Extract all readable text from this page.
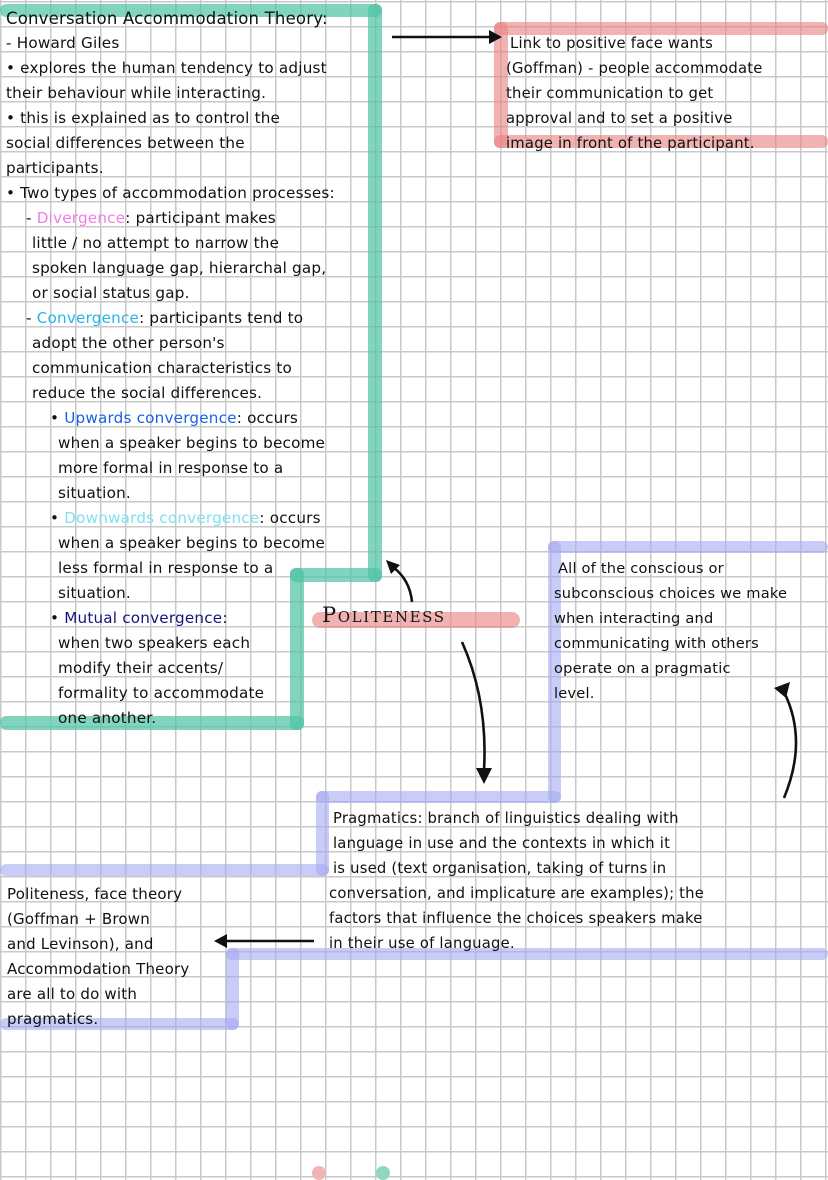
Conversation Accommodation Theory:
- Howard Giles
• explores the human tendency to adjust
their behaviour while interacting.
• this is explained as to control the
social differences between the
participants.
• Two types of accommodation processes:
- Divergence: participant makes
little / no attempt to narrow the
spoken language gap, hierarchal gap,
or social status gap.
- Convergence: participants tend to
adopt the other person's
communication characteristics to
reduce the social differences.
• Upwards convergence: occurs
when a speaker begins to become
more formal in response to a
situation.
• Downwards convergence: occurs
when a speaker begins to become
less formal in response to a
situation.
• Mutual convergence:
when two speakers each
modify their accents/
formality to accommodate
one another.
Link to positive face wants
(Goffman) - people accommodate
their communication to get
approval and to set a positive
image in front of the participant.
Politeness
All of the conscious or
subconscious choices we make
when interacting and
communicating with others
operate on a pragmatic
level.
Pragmatics: branch of linguistics dealing with
language in use and the contexts in which it
is used (text organisation, taking of turns in
conversation, and implicature are examples); the
factors that influence the choices speakers make
in their use of language.
Politeness, face theory
(Goffman + Brown
and Levinson), and
Accommodation Theory
are all to do with
pragmatics.
